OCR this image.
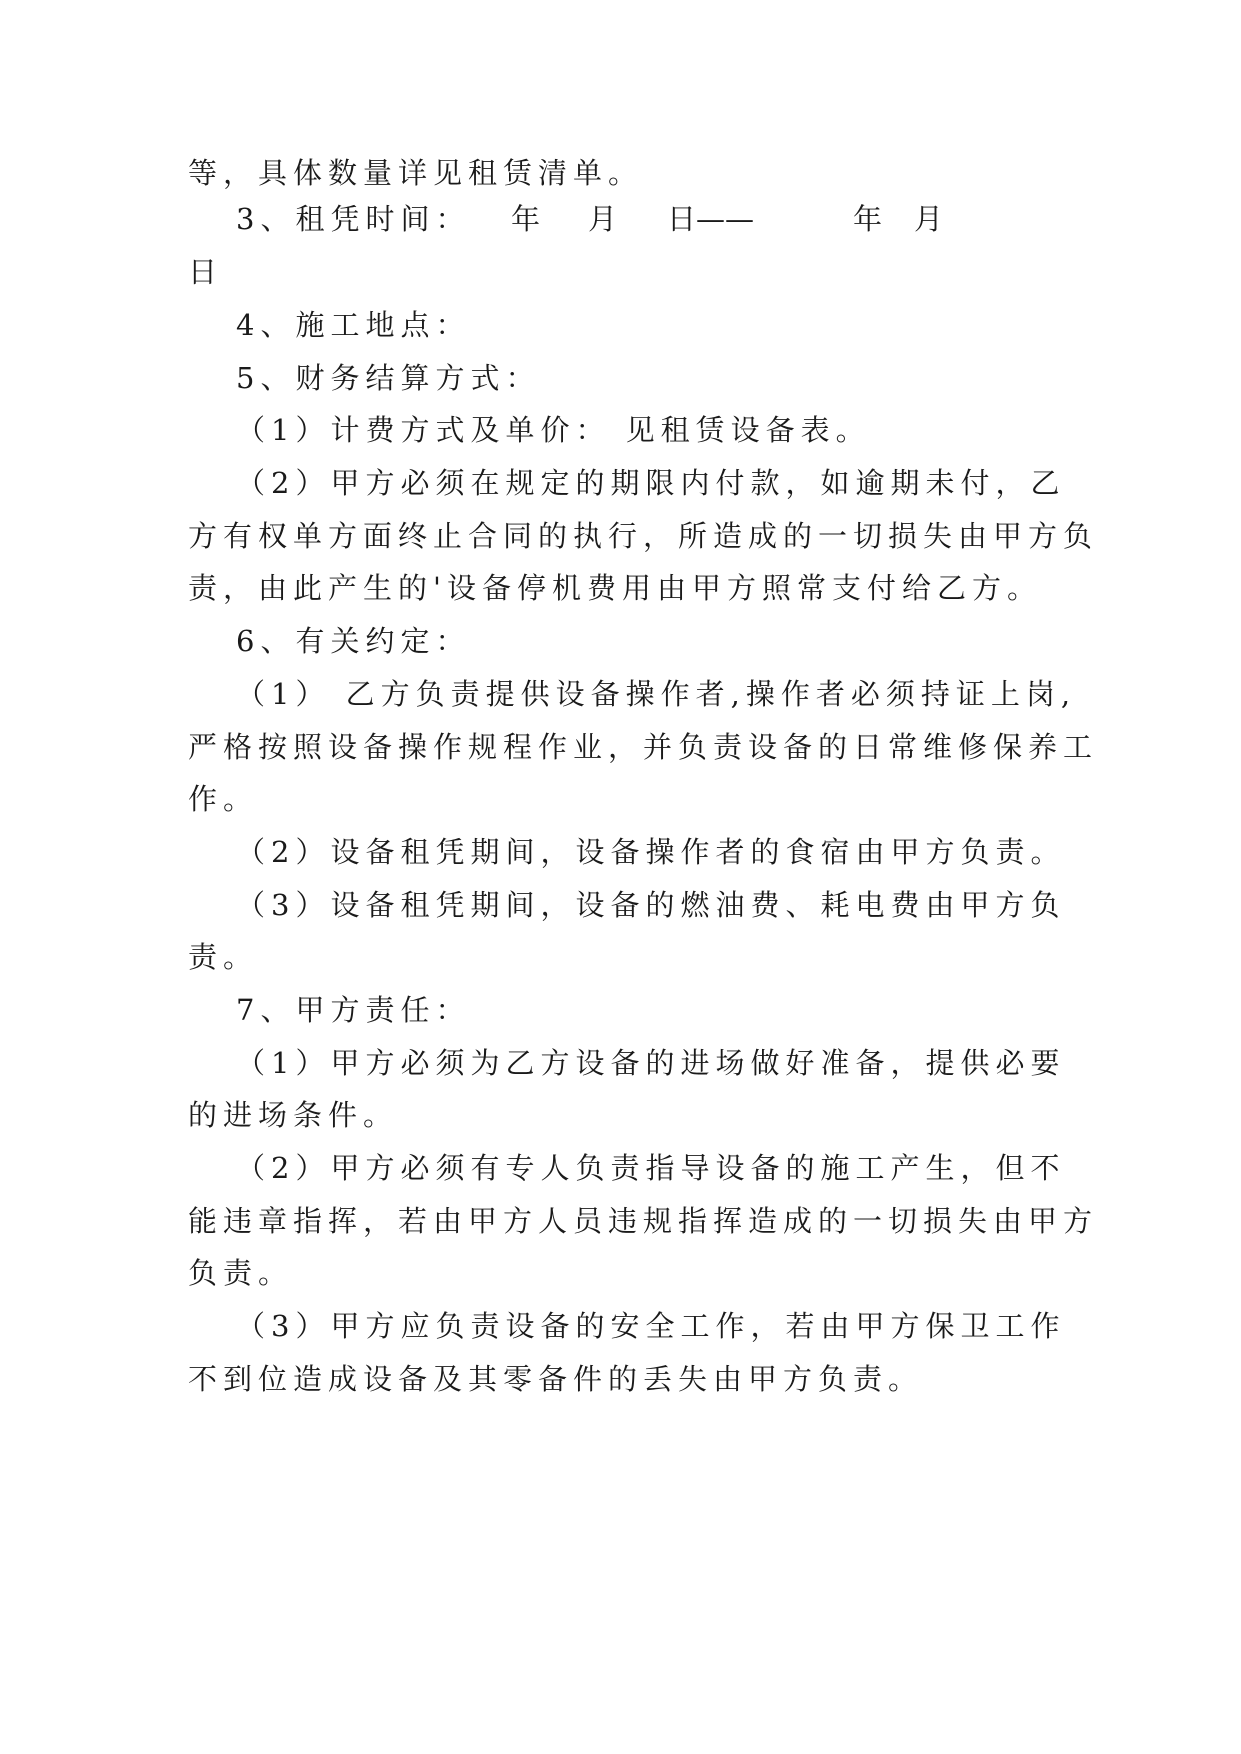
等，具体数量详见租赁清单。
3、租凭时间： 年 月 日——	年 月
日
4、施工地点：
5、财务结算方式：
（1）计费方式及单价： 见租赁设备表。
（2）甲方必须在规定的期限内付款，如逾期未付，乙
方有权单方面终止合同的执行，所造成的一切损失由甲方负
责，由此产生的'设备停机费用由甲方照常支付给乙方。
6、有关约定：
（1） 乙方负责提供设备操作者,操作者必须持证上岗,
严格按照设备操作规程作业，并负责设备的日常维修保养工
作。
（2）设备租凭期间，设备操作者的食宿由甲方负责。
（3）设备租凭期间，设备的燃油费、耗电费由甲方负
责。
7、甲方责任：
（1）甲方必须为乙方设备的进场做好准备，提供必要
的进场条件。
（2）甲方必须有专人负责指导设备的施工产生，但不
能违章指挥，若由甲方人员违规指挥造成的一切损失由甲方
负责。
（3）甲方应负责设备的安全工作，若由甲方保卫工作
不到位造成设备及其零备件的丢失由甲方负责。
